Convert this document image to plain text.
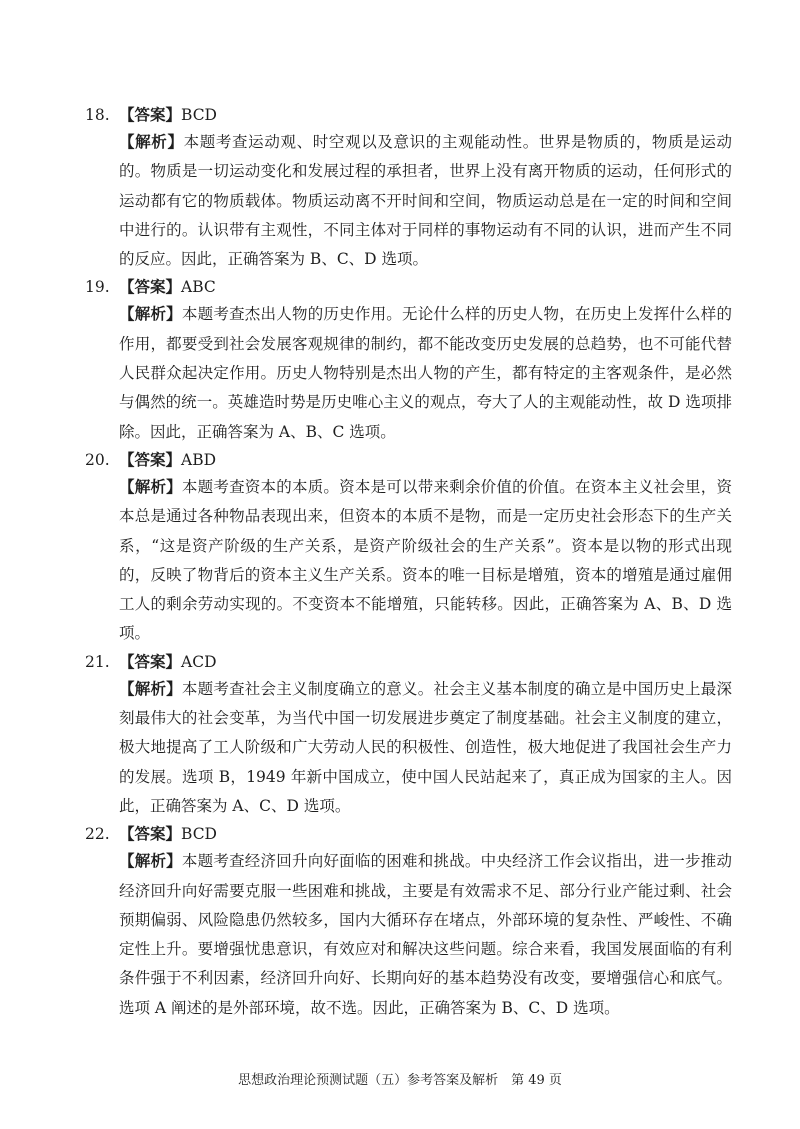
18. 【答案】BCD
【解析】本题考查运动观、时空观以及意识的主观能动性。世界是物质的，物质是运动的。物质是一切运动变化和发展过程的承担者，世界上没有离开物质的运动，任何形式的运动都有它的物质载体。物质运动离不开时间和空间，物质运动总是在一定的时间和空间中进行的。认识带有主观性，不同主体对于同样的事物运动有不同的认识，进而产生不同的反应。因此，正确答案为 B、C、D 选项。
19. 【答案】ABC
【解析】本题考查杰出人物的历史作用。无论什么样的历史人物，在历史上发挥什么样的作用，都要受到社会发展客观规律的制约，都不能改变历史发展的总趋势，也不可能代替人民群众起决定作用。历史人物特别是杰出人物的产生，都有特定的主客观条件，是必然与偶然的统一。英雄造时势是历史唯心主义的观点，夸大了人的主观能动性，故 D 选项排除。因此，正确答案为 A、B、C 选项。
20. 【答案】ABD
【解析】本题考查资本的本质。资本是可以带来剩余价值的价值。在资本主义社会里，资本总是通过各种物品表现出来，但资本的本质不是物，而是一定历史社会形态下的生产关系，“这是资产阶级的生产关系，是资产阶级社会的生产关系”。资本是以物的形式出现的，反映了物背后的资本主义生产关系。资本的唯一目标是增殖，资本的增殖是通过雇佣工人的剩余劳动实现的。不变资本不能增殖，只能转移。因此，正确答案为 A、B、D 选项。
21. 【答案】ACD
【解析】本题考查社会主义制度确立的意义。社会主义基本制度的确立是中国历史上最深刻最伟大的社会变革，为当代中国一切发展进步奠定了制度基础。社会主义制度的建立，极大地提高了工人阶级和广大劳动人民的积极性、创造性，极大地促进了我国社会生产力的发展。选项 B，1949 年新中国成立，使中国人民站起来了，真正成为国家的主人。因此，正确答案为 A、C、D 选项。
22. 【答案】BCD
【解析】本题考查经济回升向好面临的困难和挑战。中央经济工作会议指出，进一步推动经济回升向好需要克服一些困难和挑战，主要是有效需求不足、部分行业产能过剩、社会预期偏弱、风险隐患仍然较多，国内大循环存在堵点，外部环境的复杂性、严峻性、不确定性上升。要增强忧患意识，有效应对和解决这些问题。综合来看，我国发展面临的有利条件强于不利因素，经济回升向好、长期向好的基本趋势没有改变，要增强信心和底气。选项 A 阐述的是外部环境，故不选。因此，正确答案为 B、C、D 选项。
思想政治理论预测试题（五）参考答案及解析　第 49 页
